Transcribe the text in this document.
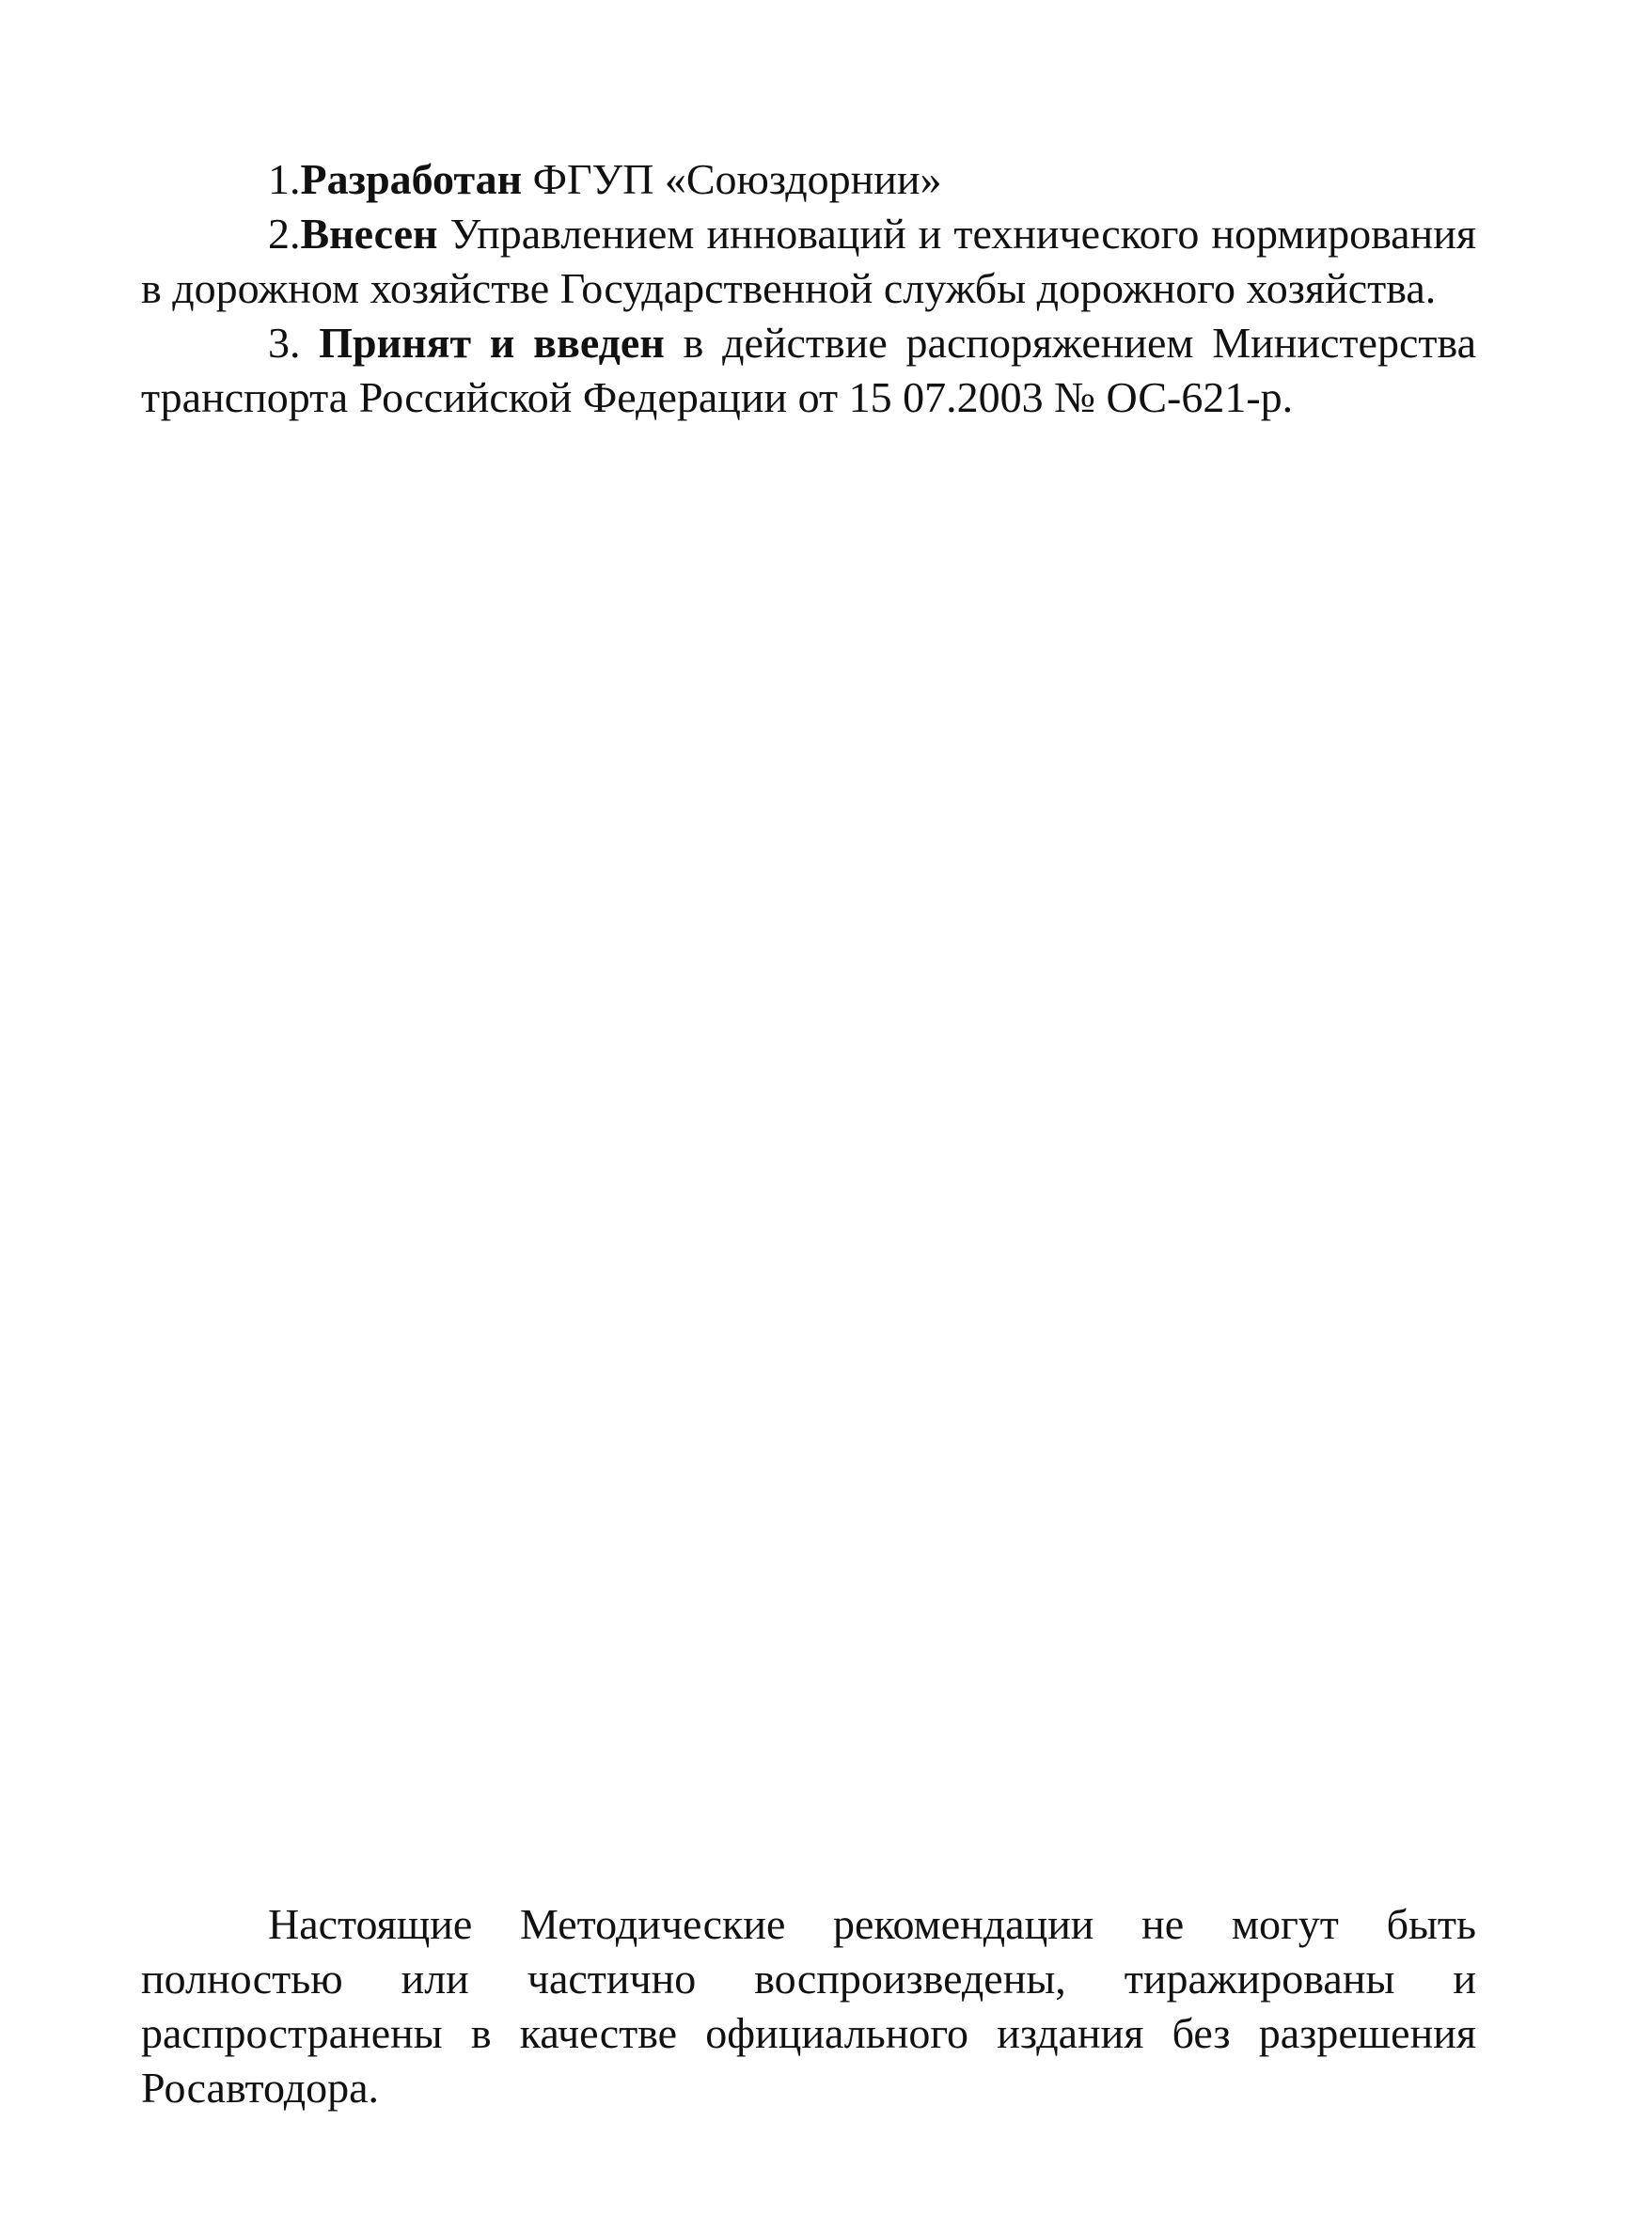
1.Разработан ФГУП «Союздорнии»

2.Внесен Управлением инноваций и технического нормирования в дорожном хозяйстве Государственной службы дорожного хозяйства.

3. Принят и введен в действие распоряжением Министерства транспорта Российской Федерации от 15 07.2003 № ОС-621-р.

Настоящие Методические рекомендации не могут быть полностью или частично воспроизведены, тиражированы и распространены в качестве официального издания без разрешения Росавтодора.
